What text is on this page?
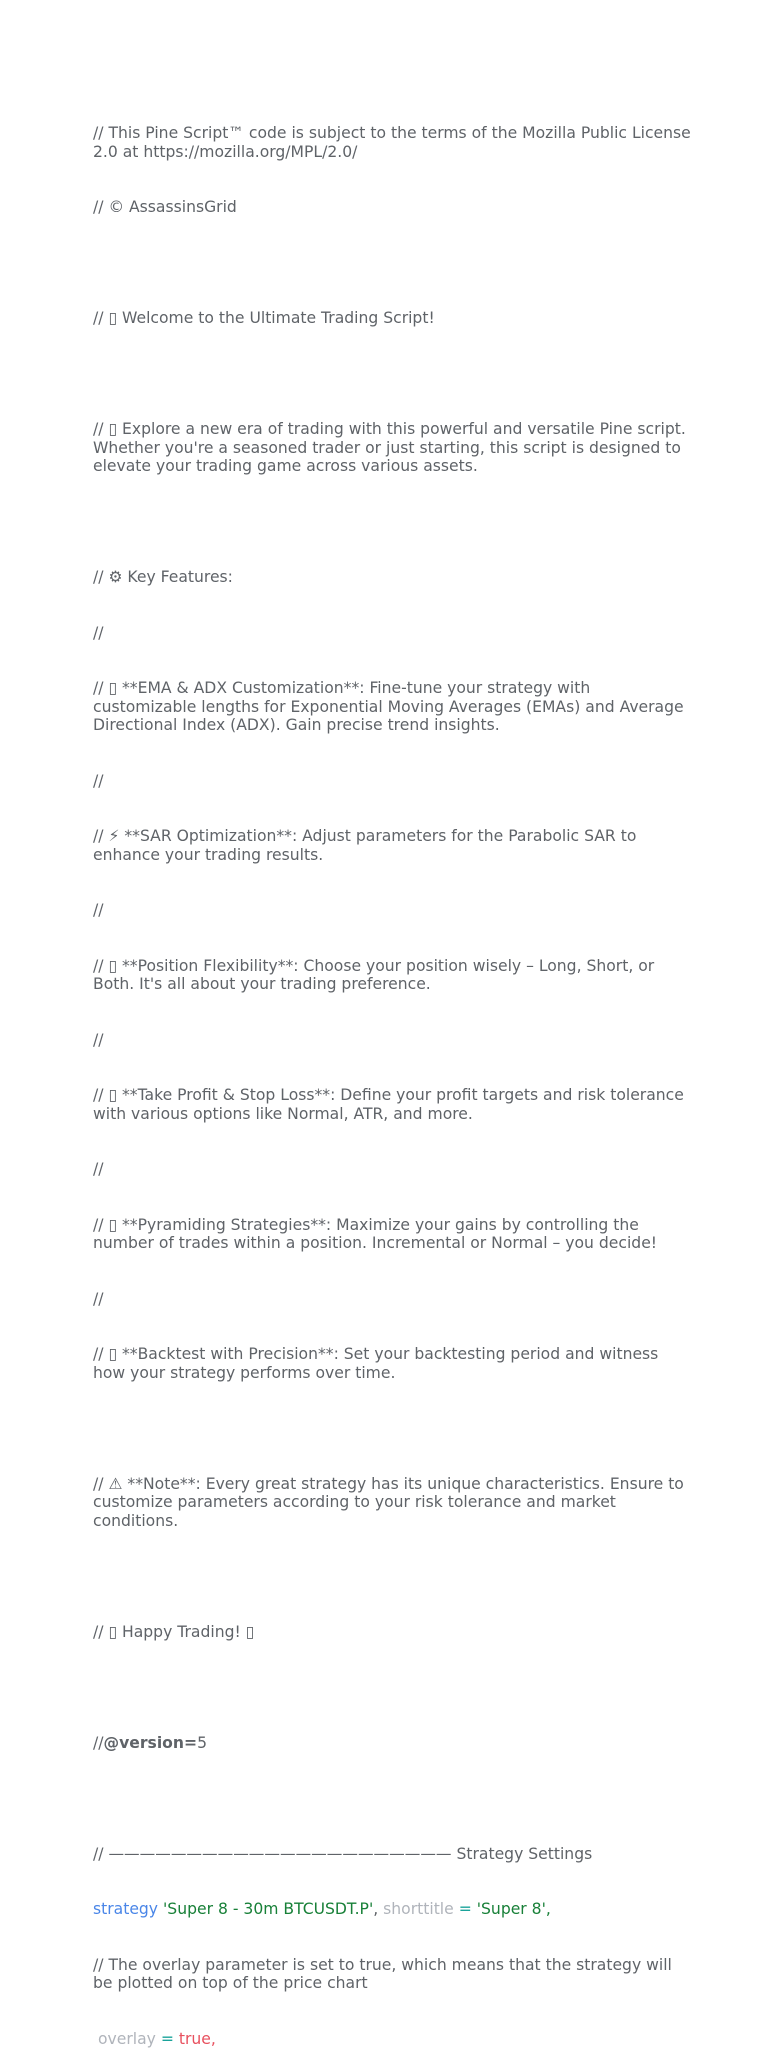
// This Pine Script™ code is subject to the terms of the Mozilla Public License 2.0 at https://mozilla.org/MPL/2.0/

// © AssassinsGrid

// ▯ Welcome to the Ultimate Trading Script!

// ▯ Explore a new era of trading with this powerful and versatile Pine script. Whether you're a seasoned trader or just starting, this script is designed to elevate your trading game across various assets.

// ⚙ Key Features:

//

// ▯ **EMA & ADX Customization**: Fine-tune your strategy with customizable lengths for Exponential Moving Averages (EMAs) and Average Directional Index (ADX). Gain precise trend insights.

//

// ⚡ **SAR Optimization**: Adjust parameters for the Parabolic SAR to enhance your trading results.

//

// ▯ **Position Flexibility**: Choose your position wisely – Long, Short, or Both. It's all about your trading preference.

//

// ▯ **Take Profit & Stop Loss**: Define your profit targets and risk tolerance with various options like Normal, ATR, and more.

//

// ▯ **Pyramiding Strategies**: Maximize your gains by controlling the number of trades within a position. Incremental or Normal – you decide!

//

// ▯ **Backtest with Precision**: Set your backtesting period and witness how your strategy performs over time.

// ⚠ **Note**: Every great strategy has its unique characteristics. Ensure to customize parameters according to your risk tolerance and market conditions.

// ▯ Happy Trading! ▯

//@version=5

// —————————————————————— Strategy Settings

strategy 'Super 8 - 30m BTCUSDT.P', shorttitle = 'Super 8',

// The overlay parameter is set to true, which means that the strategy will be plotted on top of the price chart

overlay = true,
